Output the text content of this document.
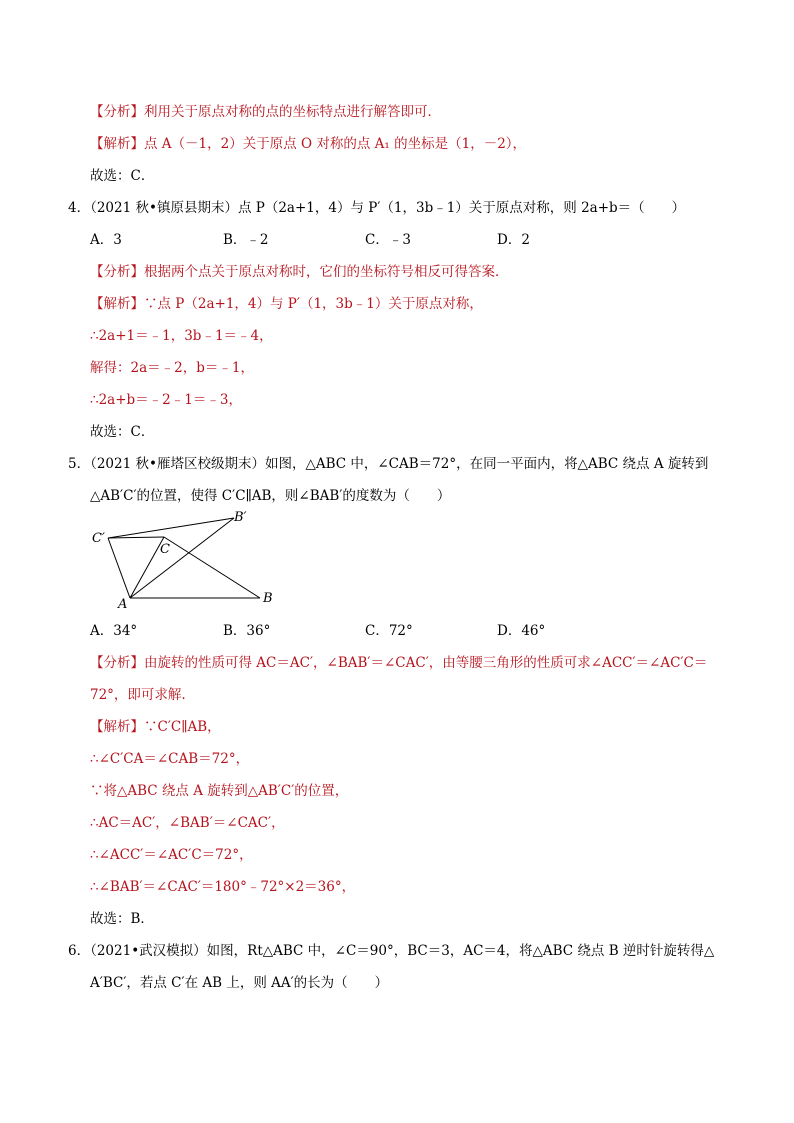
【分析】利用关于原点对称的点的坐标特点进行解答即可．
【解析】点 A（－1，2）关于原点 O 对称的点 A₁ 的坐标是（1，－2），
故选：C．
4．（2021 秋•镇原县期末）点 P（2a+1，4）与 P′（1，3b﹣1）关于原点对称，则 2a+b＝（　　）
A．3	B．﹣2	C．﹣3	D．2
【分析】根据两个点关于原点对称时，它们的坐标符号相反可得答案．
【解析】∵点 P（2a+1，4）与 P′（1，3b﹣1）关于原点对称，
∴2a+1＝﹣1，3b﹣1＝﹣4，
解得：2a＝﹣2，b＝﹣1，
∴2a+b＝﹣2﹣1＝﹣3，
故选：C．
5．（2021 秋•雁塔区校级期末）如图，△ABC 中，∠CAB＝72°，在同一平面内，将△ABC 绕点 A 旋转到
△AB′C′的位置，使得 C′C∥AB，则∠BAB′的度数为（　　）
B′
C′
C
A	B
A．34°	B．36°	C．72°	D．46°
【分析】由旋转的性质可得 AC＝AC′，∠BAB′＝∠CAC′，由等腰三角形的性质可求∠ACC′＝∠AC′C＝
72°，即可求解.
【解析】∵C′C∥AB，
∴∠C′CA＝∠CAB＝72°，
∵将△ABC 绕点 A 旋转到△AB′C′的位置，
∴AC＝AC′，∠BAB′＝∠CAC′，
∴∠ACC′＝∠AC′C＝72°，
∴∠BAB′＝∠CAC′＝180°﹣72°×2＝36°，
故选：B．
6．（2021•武汉模拟）如图，Rt△ABC 中，∠C＝90°，BC＝3，AC＝4，将△ABC 绕点 B 逆时针旋转得△
A′BC′，若点 C′在 AB 上，则 AA′的长为（　　）
